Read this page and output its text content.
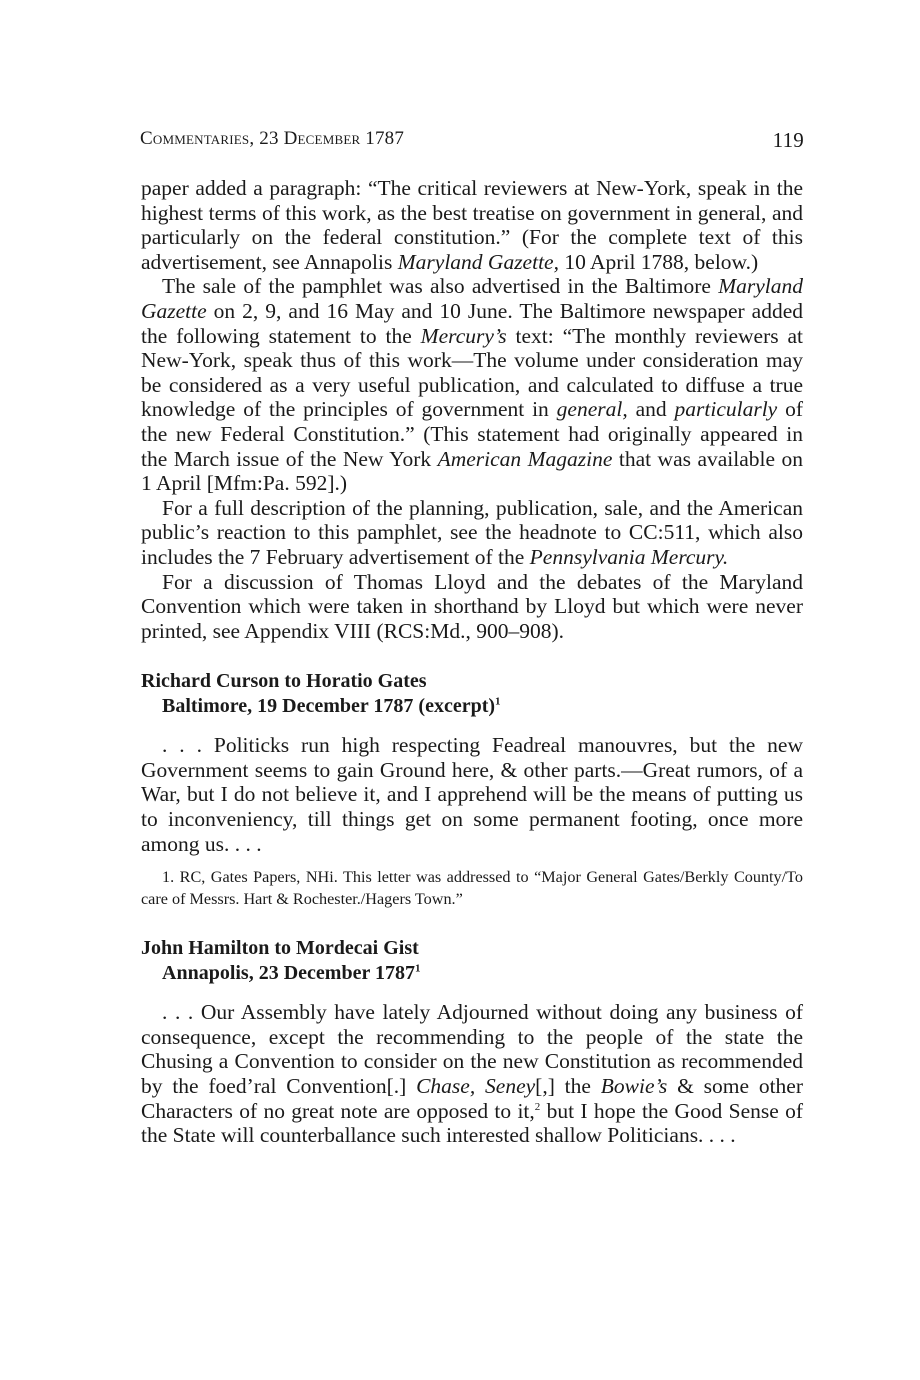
Commentaries, 23 December 1787	119

paper added a paragraph: “The critical reviewers at New-York, speak in the highest terms of this work, as the best treatise on government in general, and particularly on the federal constitution.” (For the complete text of this advertisement, see Annapolis Maryland Gazette, 10 April 1788, below.)

The sale of the pamphlet was also advertised in the Baltimore Maryland Gazette on 2, 9, and 16 May and 10 June. The Baltimore newspaper added the following statement to the Mercury’s text: “The monthly reviewers at New-York, speak thus of this work—The volume under consideration may be considered as a very useful publication, and calculated to diffuse a true knowledge of the principles of government in general, and particularly of the new Federal Constitution.” (This statement had originally appeared in the March issue of the New York American Magazine that was available on 1 April [Mfm:Pa. 592].)

For a full description of the planning, publication, sale, and the American public’s reaction to this pamphlet, see the headnote to CC:511, which also includes the 7 February advertisement of the Pennsylvania Mercury.

For a discussion of Thomas Lloyd and the debates of the Maryland Convention which were taken in shorthand by Lloyd but which were never printed, see Appendix VIII (RCS:Md., 900–908).

Richard Curson to Horatio Gates

Baltimore, 19 December 1787 (excerpt)$^1$

. . . Politicks run high respecting Feadreal manouvres, but the new Government seems to gain Ground here, & other parts.—Great rumors, of a War, but I do not believe it, and I apprehend will be the means of putting us to inconveniency, till things get on some permanent footing, once more among us. . . .

1. RC, Gates Papers, NHi. This letter was addressed to “Major General Gates/Berkly County/To care of Messrs. Hart & Rochester./Hagers Town.”

John Hamilton to Mordecai Gist

Annapolis, 23 December 1787$^1$

. . . Our Assembly have lately Adjourned without doing any business of consequence, except the recommending to the people of the state the Chusing a Convention to consider on the new Constitution as recommended by the foed’ral Convention[.] Chase, Seney[,] the Bowie’s & some other Characters of no great note are opposed to it,$^2$ but I hope the Good Sense of the State will counterballance such interested shallow Politicians. . . .
